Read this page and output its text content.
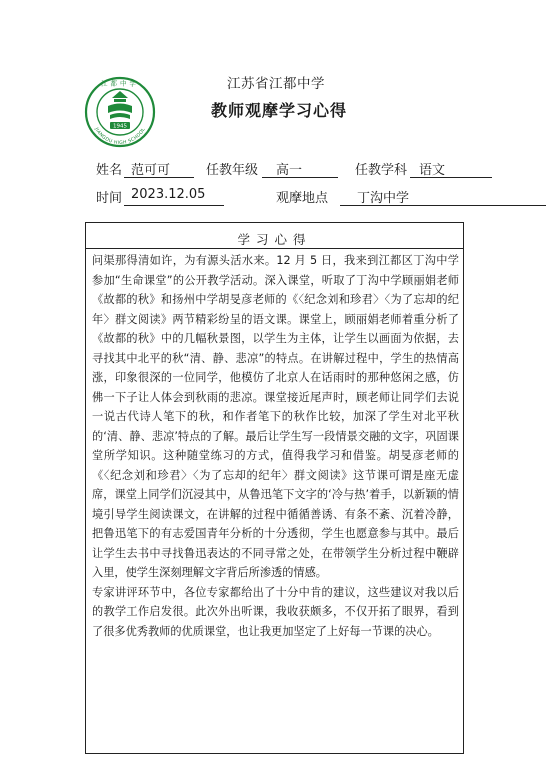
1945
江都中学
JIANGDU HIGH SCHOOL
江苏省江都中学
教师观摩学习心得
姓名 范可可	任教年级 高一	任教学科 语文
时间 2023.12.05	观摩地点 丁沟中学
学习心得

问渠那得清如许，为有源头活水来。12 月 5 日，我来到江都区丁沟中学参加“生命课堂”的公开教学活动。深入课堂，听取了丁沟中学顾丽娟老师《故都的秋》和扬州中学胡旻彦老师的《〈纪念刘和珍君〉〈为了忘却的纪年〉群文阅读》两节精彩纷呈的语文课。课堂上，顾丽娟老师着重分析了《故都的秋》中的几幅秋景图，以学生为主体，让学生以画面为依据，去寻找其中北平的秋“清、静、悲凉”的特点。在讲解过程中，学生的热情高涨，印象很深的一位同学，他模仿了北京人在话雨时的那种悠闲之感，仿佛一下子让人体会到秋雨的悲凉。课堂接近尾声时，顾老师让同学们去说一说古代诗人笔下的秋，和作者笔下的秋作比较，加深了学生对北平秋的‘清、静、悲凉’特点的了解。最后让学生写一段情景交融的文字，巩固课堂所学知识。这种随堂练习的方式，值得我学习和借鉴。胡旻彦老师的《〈纪念刘和珍君〉〈为了忘却的纪年〉群文阅读》这节课可谓是座无虚席，课堂上同学们沉浸其中，从鲁迅笔下文字的‘冷与热’着手，以新颖的情境引导学生阅读课文，在讲解的过程中循循善诱、有条不紊、沉着冷静，把鲁迅笔下的有志爱国青年分析的十分透彻，学生也愿意参与其中。最后让学生去书中寻找鲁迅表达的不同寻常之处，在带领学生分析过程中鞭辟入里，使学生深刻理解文字背后所渗透的情感。

专家讲评环节中，各位专家都给出了十分中肯的建议，这些建议对我以后的教学工作启发很。此次外出听课，我收获颇多，不仅开拓了眼界，看到了很多优秀教师的优质课堂，也让我更加坚定了上好每一节课的决心。
